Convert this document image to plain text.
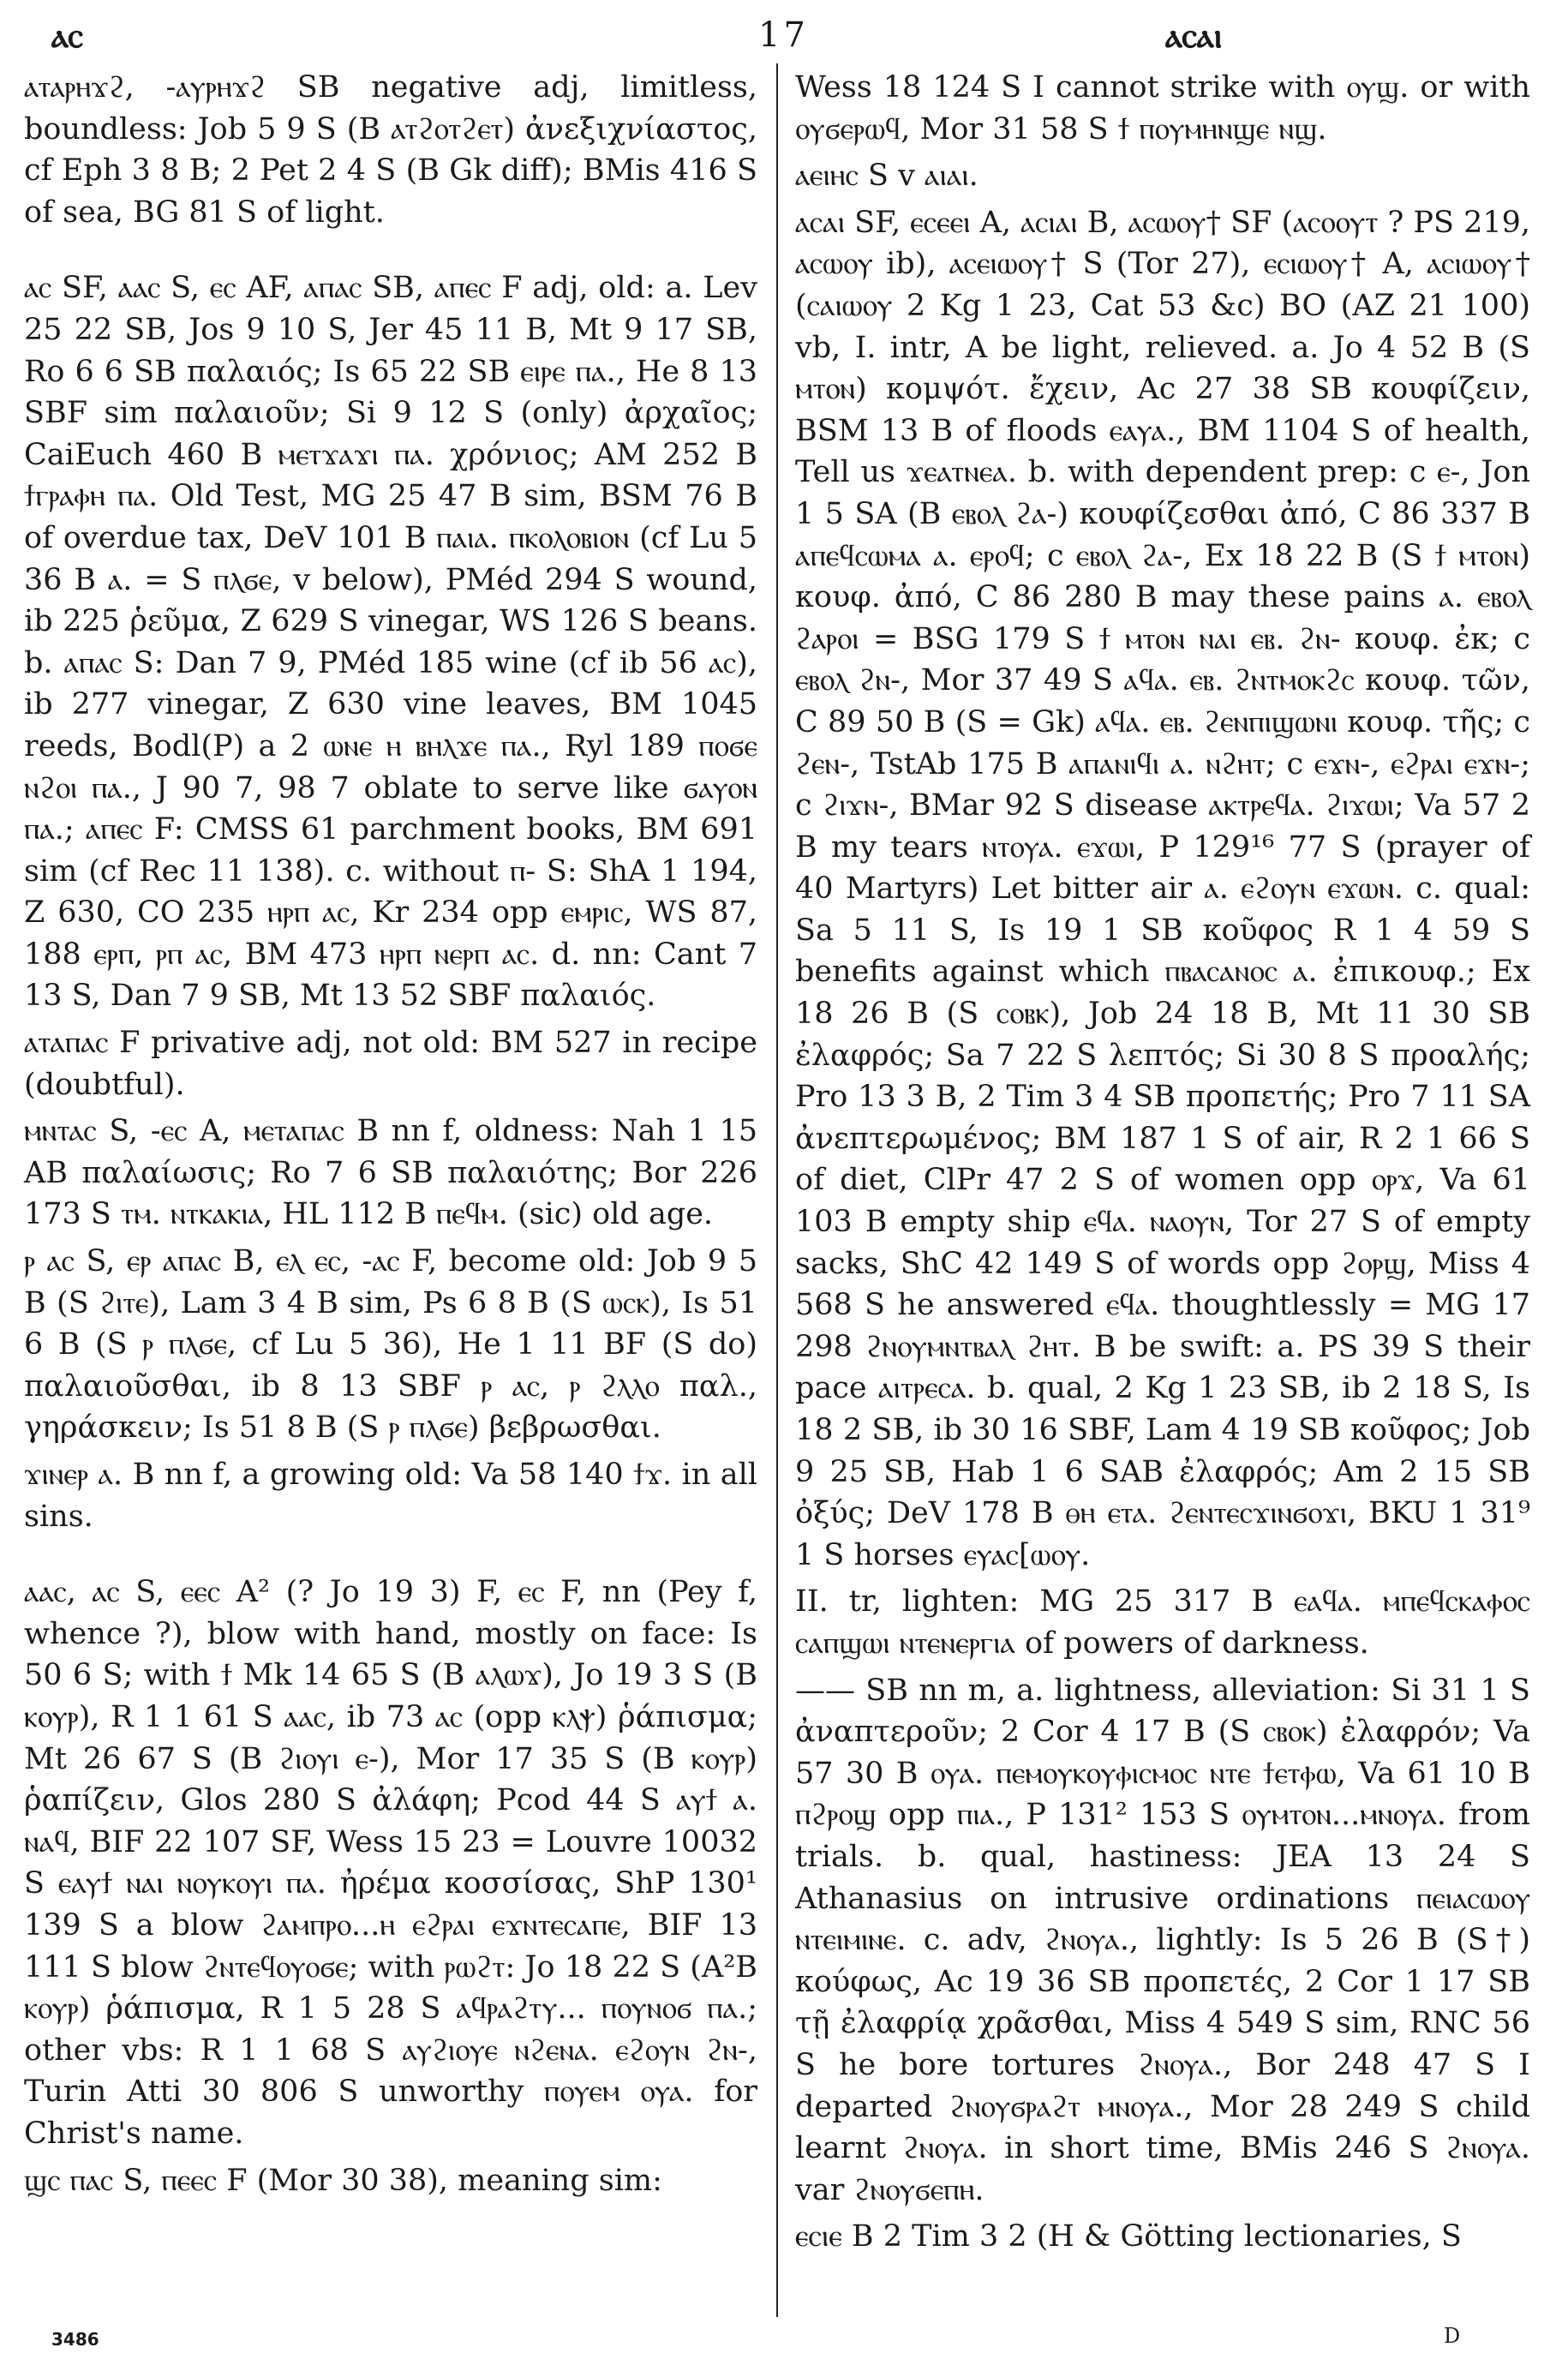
ⲁⲥ	17	ⲁⲥⲁⲓ

ⲁⲧⲁⲣⲏϫϩ, -ⲁⲩⲣⲏϫϩ SB negative adj, limitless, boundless: Job 5 9 S (B ⲁⲧϩⲟⲧϩⲉⲧ) ἀνεξιχνίαστος, cf Eph 3 8 B; 2 Pet 2 4 S (B Gk diff); BMis 416 S of sea, BG 81 S of light.

ⲁⲥ SF, ⲁⲁⲥ S, ⲉⲥ AF, ⲁⲡⲁⲥ SB, ⲁⲡⲉⲥ F adj, old: a. Lev 25 22 SB, Jos 9 10 S, Jer 45 11 B, Mt 9 17 SB, Ro 6 6 SB παλαιός; Is 65 22 SB ⲉⲓⲣⲉ ⲡⲁ., He 8 13 SBF sim παλαιοῦν; Si 9 12 S (only) ἀρχαῖος; CaiEuch 460 B ⲙⲉⲧϫⲁϫⲓ ⲡⲁ. χρόνιος; AM 252 B ϯⲅⲣⲁⲫⲏ ⲡⲁ. Old Test, MG 25 47 B sim, BSM 76 B of overdue tax, DeV 101 B ⲡⲁⲓⲁ. ⲡⲕⲟⲗⲟⲃⲓⲟⲛ (cf Lu 5 36 B ⲁ. = S ⲡⲗϭⲉ, v below), PMéd 294 S wound, ib 225 ῥεῦμα, Z 629 S vinegar, WS 126 S beans. b. ⲁⲡⲁⲥ S: Dan 7 9, PMéd 185 wine (cf ib 56 ⲁⲥ), ib 277 vinegar, Z 630 vine leaves, BM 1045 reeds, Bodl(P) a 2 ⲱⲛⲉ ⲏ ⲃⲏⲗϫⲉ ⲡⲁ., Ryl 189 ⲡⲟϭⲉ ⲛϩⲟⲓ ⲡⲁ., J 90 7, 98 7 oblate to serve like ϭⲁⲩⲟⲛ ⲡⲁ.; ⲁⲡⲉⲥ F: CMSS 61 parchment books, BM 691 sim (cf Rec 11 138). c. without ⲡ- S: ShA 1 194, Z 630, CO 235 ⲏⲣⲡ ⲁⲥ, Kr 234 opp ⲉⲙⲣⲓⲥ, WS 87, 188 ⲉⲣⲡ, ⲣⲡ ⲁⲥ, BM 473 ⲏⲣⲡ ⲛⲉⲣⲡ ⲁⲥ. d. nn: Cant 7 13 S, Dan 7 9 SB, Mt 13 52 SBF παλαιός.

ⲁⲧⲁⲡⲁⲥ F privative adj, not old: BM 527 in recipe (doubtful).

ⲙⲛⲧⲁⲥ S, -ⲉⲥ A, ⲙⲉⲧⲁⲡⲁⲥ B nn f, oldness: Nah 1 15 AB παλαίωσις; Ro 7 6 SB παλαιότης; Bor 226 173 S ⲧⲙ. ⲛⲧⲕⲁⲕⲓⲁ, HL 112 B ⲡⲉϥⲙ. (sic) old age.

ⲣ ⲁⲥ S, ⲉⲣ ⲁⲡⲁⲥ B, ⲉⲗ ⲉⲥ, -ⲁⲥ F, become old: Job 9 5 B (S ϩⲓⲧⲉ), Lam 3 4 B sim, Ps 6 8 B (S ⲱⲥⲕ), Is 51 6 B (S ⲣ ⲡⲗϭⲉ, cf Lu 5 36), He 1 11 BF (S do) παλαιοῦσθαι, ib 8 13 SBF ⲣ ⲁⲥ, ⲣ ϩⲗⲗⲟ παλ., γηράσκειν; Is 51 8 B (S ⲣ ⲡⲗϭⲉ) βεβρωσθαι.

ϫⲓⲛⲉⲣ ⲁ. B nn f, a growing old: Va 58 140 ϯϫ. in all sins.

ⲁⲁⲥ, ⲁⲥ S, ⲉⲉⲥ A² (? Jo 19 3) F, ⲉⲥ F, nn (Pey f, whence ?), blow with hand, mostly on face: Is 50 6 S; with ϯ Mk 14 65 S (B ⲁⲗⲱϫ), Jo 19 3 S (B ⲕⲟⲩⲣ), R 1 1 61 S ⲁⲁⲥ, ib 73 ⲁⲥ (opp ⲕⲗⲯ) ῥάπισμα; Mt 26 67 S (B ϩⲓⲟⲩⲓ ⲉ-), Mor 17 35 S (B ⲕⲟⲩⲣ) ῥαπίζειν, Glos 280 S ἀλάφη; Pcod 44 S ⲁⲩϯ ⲁ. ⲛⲁϥ, BIF 22 107 SF, Wess 15 23 = Louvre 10032 S ⲉⲁⲩϯ ⲛⲁⲓ ⲛⲟⲩⲕⲟⲩⲓ ⲡⲁ. ἠρέμα κοσσίσας, ShP 130¹ 139 S a blow ϩⲁⲙⲡⲣⲟ...ⲏ ⲉϩⲣⲁⲓ ⲉϫⲛⲧⲉⲥⲁⲡⲉ, BIF 13 111 S blow ϩⲛⲧⲉϥⲟⲩⲟϭⲉ; with ⲣⲱϩⲧ: Jo 18 22 S (A²B ⲕⲟⲩⲣ) ῥάπισμα, R 1 5 28 S ⲁϥⲣⲁϩⲧⲩ... ⲡⲟⲩⲛⲟϭ ⲡⲁ.; other vbs: R 1 1 68 S ⲁⲩϩⲓⲟⲩⲉ ⲛϩⲉⲛⲁ. ⲉϩⲟⲩⲛ ϩⲛ-, Turin Atti 30 806 S unworthy ⲡⲟⲩⲉⲙ ⲟⲩⲁ. for Christ's name.

ϣⲥ ⲡⲁⲥ S, ⲡⲉⲉⲥ F (Mor 30 38), meaning sim:

Wess 18 124 S I cannot strike with ⲟⲩϣ. or with ⲟⲩϭⲉⲣⲱϥ, Mor 31 58 S ϯ ⲡⲟⲩⲙⲏⲛϣⲉ ⲛϣ.

ⲁⲉⲓⲏⲥ S v ⲁⲓⲁⲓ.

ⲁⲥⲁⲓ SF, ⲉⲥⲉⲉⲓ A, ⲁⲥⲓⲁⲓ B, ⲁⲥⲱⲟⲩ† SF (ⲁⲥⲟⲟⲩⲧ ? PS 219, ⲁⲥⲱⲟⲩ ib), ⲁⲥⲉⲓⲱⲟⲩ† S (Tor 27), ⲉⲥⲓⲱⲟⲩ† A, ⲁⲥⲓⲱⲟⲩ† (ⲥⲁⲓⲱⲟⲩ 2 Kg 1 23, Cat 53 &c) BO (AZ 21 100) vb, I. intr, A be light, relieved. a. Jo 4 52 B (S ⲙⲧⲟⲛ) κομψότ. ἔχειν, Ac 27 38 SB κουφίζειν, BSM 13 B of floods ⲉⲁⲩⲁ., BM 1104 S of health, Tell us ϫⲉⲁⲧⲛⲉⲁ. b. with dependent prep: c ⲉ-, Jon 1 5 SA (B ⲉⲃⲟⲗ ϩⲁ-) κουφίζεσθαι ἀπό, C 86 337 B ⲁⲡⲉϥⲥⲱⲙⲁ ⲁ. ⲉⲣⲟϥ; c ⲉⲃⲟⲗ ϩⲁ-, Ex 18 22 B (S ϯ ⲙⲧⲟⲛ) κουφ. ἀπό, C 86 280 B may these pains ⲁ. ⲉⲃⲟⲗ ϩⲁⲣⲟⲓ = BSG 179 S ϯ ⲙⲧⲟⲛ ⲛⲁⲓ ⲉⲃ. ϩⲛ- κουφ. ἐκ; c ⲉⲃⲟⲗ ϩⲛ-, Mor 37 49 S ⲁϥⲁ. ⲉⲃ. ϩⲛⲧⲙⲟⲕϩⲥ κουφ. τῶν, C 89 50 B (S = Gk) ⲁϥⲁ. ⲉⲃ. ϩⲉⲛⲡⲓϣⲱⲛⲓ κουφ. τῆς; c ϩⲉⲛ-, TstAb 175 B ⲁⲡⲁⲛⲓϥⲓ ⲁ. ⲛϩⲏⲧ; c ⲉϫⲛ-, ⲉϩⲣⲁⲓ ⲉϫⲛ-; c ϩⲓϫⲛ-, BMar 92 S disease ⲁⲕⲧⲣⲉϥⲁ. ϩⲓϫⲱⲓ; Va 57 2 B my tears ⲛⲧⲟⲩⲁ. ⲉϫⲱⲓ, P 129¹⁶ 77 S (prayer of 40 Martyrs) Let bitter air ⲁ. ⲉϩⲟⲩⲛ ⲉϫⲱⲛ. c. qual: Sa 5 11 S, Is 19 1 SB κοῦφος R 1 4 59 S benefits against which ⲡⲃⲁⲥⲁⲛⲟⲥ ⲁ. ἐπικουφ.; Ex 18 26 B (S ⲥⲟⲃⲕ), Job 24 18 B, Mt 11 30 SB ἐλαφρός; Sa 7 22 S λεπτός; Si 30 8 S προαλής; Pro 13 3 B, 2 Tim 3 4 SB προπετής; Pro 7 11 SA ἀνεπτερωμένος; BM 187 1 S of air, R 2 1 66 S of diet, ClPr 47 2 S of women opp ⲟⲣϫ, Va 61 103 B empty ship ⲉϥⲁ. ⲛⲁⲟⲩⲛ, Tor 27 S of empty sacks, ShC 42 149 S of words opp ϩⲟⲣϣ, Miss 4 568 S he answered ⲉϥⲁ. thoughtlessly = MG 17 298 ϩⲛⲟⲩⲙⲛⲧⲃⲁⲗ ϩⲏⲧ. B be swift: a. PS 39 S their pace ⲁⲓⲧⲣⲉⲥⲁ. b. qual, 2 Kg 1 23 SB, ib 2 18 S, Is 18 2 SB, ib 30 16 SBF, Lam 4 19 SB κοῦφος; Job 9 25 SB, Hab 1 6 SAB ἐλαφρός; Am 2 15 SB ὀξύς; DeV 178 B ⲑⲏ ⲉⲧⲁ. ϩⲉⲛⲧⲉⲥϫⲓⲛϭⲟϫⲓ, BKU 1 31⁹ 1 S horses ⲉⲩⲁⲥ[ⲱⲟⲩ.

II. tr, lighten: MG 25 317 B ⲉⲁϥⲁ. ⲙⲡⲉϥⲥⲕⲁⲫⲟⲥ ⲥⲁⲡϣⲱⲓ ⲛⲧⲉⲛⲉⲣⲅⲓⲁ of powers of darkness.

—— SB nn m, a. lightness, alleviation: Si 31 1 S ἀναπτεροῦν; 2 Cor 4 17 B (S ⲥⲃⲟⲕ) ἐλαφρόν; Va 57 30 B ⲟⲩⲁ. ⲡⲉⲙⲟⲩⲕⲟⲩⲫⲓⲥⲙⲟⲥ ⲛⲧⲉ ϯⲉⲧⲫⲱ, Va 61 10 B ⲡϩⲣⲟϣ opp ⲡⲓⲁ., P 131² 153 S ⲟⲩⲙⲧⲟⲛ...ⲙⲛⲟⲩⲁ. from trials. b. qual, hastiness: JEA 13 24 S Athanasius on intrusive ordinations ⲡⲉⲓⲁⲥⲱⲟⲩ ⲛⲧⲉⲓⲙⲓⲛⲉ. c. adv, ϩⲛⲟⲩⲁ., lightly: Is 5 26 B (S†) κούφως, Ac 19 36 SB προπετές, 2 Cor 1 17 SB τῇ ἐλαφρίᾳ χρᾶσθαι, Miss 4 549 S sim, RNC 56 S he bore tortures ϩⲛⲟⲩⲁ., Bor 248 47 S I departed ϩⲛⲟⲩϭⲣⲁϩⲧ ⲙⲛⲟⲩⲁ., Mor 28 249 S child learnt ϩⲛⲟⲩⲁ. in short time, BMis 246 S ϩⲛⲟⲩⲁ. var ϩⲛⲟⲩϭⲉⲡⲏ.

ⲉⲥⲓⲉ B 2 Tim 3 2 (H & Götting lectionaries, S

3486	D
